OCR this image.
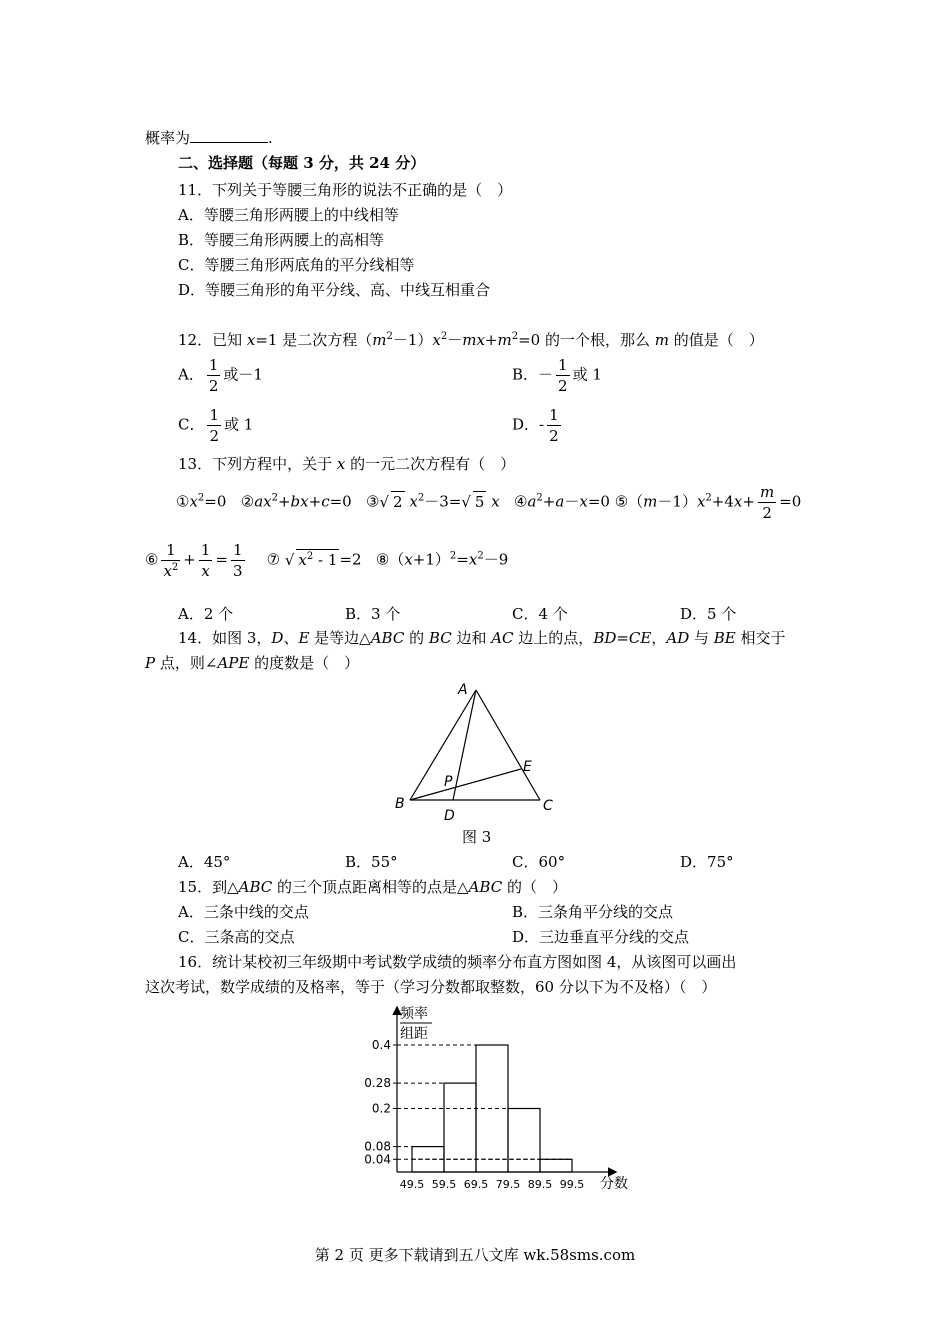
概率为	.
二、选择题（每题 3 分，共 24 分）
11．下列关于等腰三角形的说法不正确的是（　）
A．等腰三角形两腰上的中线相等
B．等腰三角形两腰上的高相等
C．等腰三角形两底角的平分线相等
D．等腰三角形的角平分线、高、中线互相重合
12．已知 x=1 是二次方程$(m^2-1)x^2-mx+m^2=0$ 的一个根，那么 m 的值是（　）
A． $\frac{1}{2}$ 或－1	B．－ $\frac{1}{2}$ 或 1
C． $\frac{1}{2}$ 或 1	D．- $\frac{1}{2}$
13．下列方程中，关于 x 的一元二次方程有（　）
$①x^2=0$ $②ax^2+bx+c=0$ ③√ 2 $x^2-3=√$ 5 x $④a^2+a-x=0$ $⑤(m-1)x^2+4x+ \frac{m}{2} =0$
⑥ $\frac{1}{x^2} + \frac{1}{x} = \frac{1}{3}$ ⑦ √ $x^2 - 1 =2$ $⑧(x+1)^2=x^2-9$
A．2 个	B．3 个	C．4 个	D．5 个
14．如图 3，D、E 是等边△ABC 的 BC 边和 AC 边上的点，BD=CE，AD 与 BE 相交于
P 点，则∠APE 的度数是（　）
A
B	C
D
E
P
图 3
A．45°	B．55°	C．60°	D．75°
15．到△ABC 的三个顶点距离相等的点是△ABC 的（　）
A．三条中线的交点	B．三条角平分线的交点
C．三条高的交点	D．三边垂直平分线的交点
16．统计某校初三年级期中考试数学成绩的频率分布直方图如图 4，从该图可以画出
这次考试，数学成绩的及格率，等于（学习分数都取整数，60 分以下为不及格）（　）
频率
组距
分数
0.4
0.28
0.2
0.08
0.04
49.5 59.5 69.5 79.5 89.5 99.5
第 2 页 更多下载请到五八文库 wk.58sms.com
